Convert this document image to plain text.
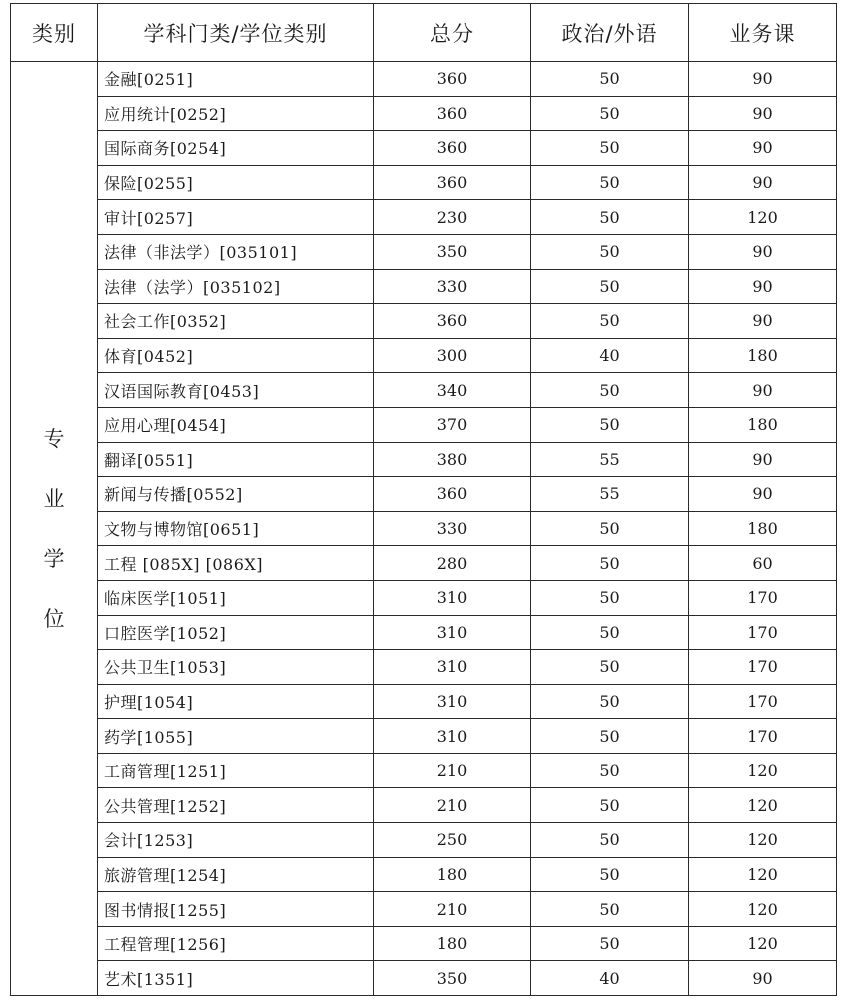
类别	学科门类/学位类别	总分	政治/外语	业务课

专
业
学
位	金融[0251]	360	50	90
	应用统计[0252]	360	50	90
	国际商务[0254]	360	50	90
	保险[0255]	360	50	90
	审计[0257]	230	50	120
	法律（非法学）[035101]	350	50	90
	法律（法学）[035102]	330	50	90
	社会工作[0352]	360	50	90
	体育[0452]	300	40	180
	汉语国际教育[0453]	340	50	90
	应用心理[0454]	370	50	180
	翻译[0551]	380	55	90
	新闻与传播[0552]	360	55	90
	文物与博物馆[0651]	330	50	180
	工程 [085X] [086X]	280	50	60
	临床医学[1051]	310	50	170
	口腔医学[1052]	310	50	170
	公共卫生[1053]	310	50	170
	护理[1054]	310	50	170
	药学[1055]	310	50	170
	工商管理[1251]	210	50	120
	公共管理[1252]	210	50	120
	会计[1253]	250	50	120
	旅游管理[1254]	180	50	120
	图书情报[1255]	210	50	120
	工程管理[1256]	180	50	120
	艺术[1351]	350	40	90
